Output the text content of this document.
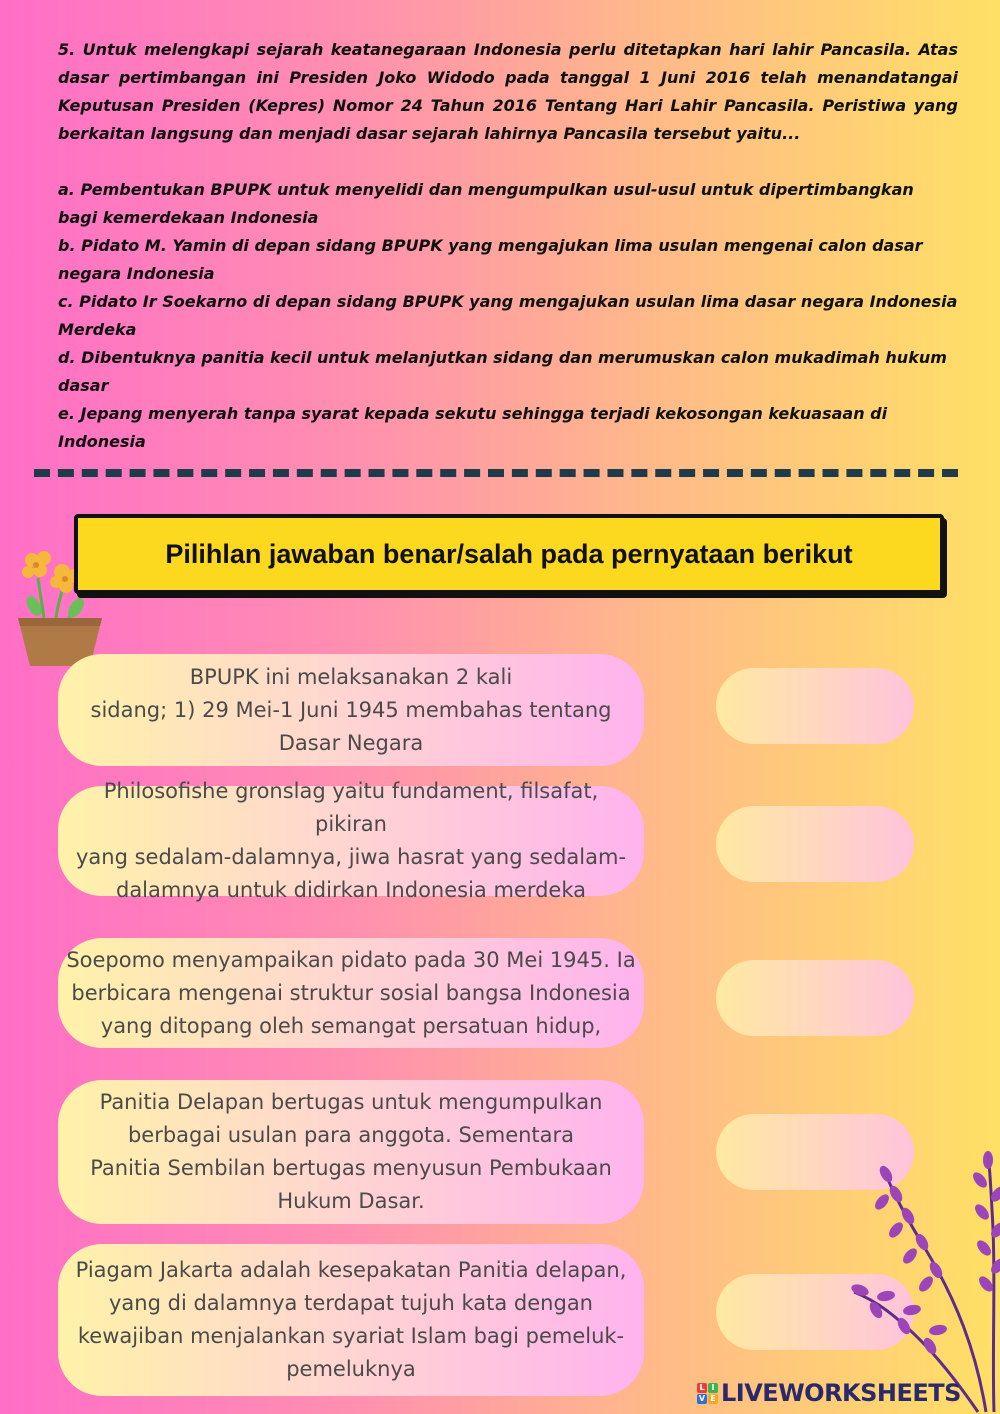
5. Untuk melengkapi sejarah keatanegaraan Indonesia perlu ditetapkan hari lahir Pancasila. Atas dasar pertimbangan ini Presiden Joko Widodo pada tanggal 1 Juni 2016 telah menandatangai Keputusan Presiden (Kepres) Nomor 24 Tahun 2016 Tentang Hari Lahir Pancasila. Peristiwa yang berkaitan langsung dan menjadi dasar sejarah lahirnya Pancasila tersebut yaitu...

a. Pembentukan BPUPK untuk menyelidi dan mengumpulkan usul-usul untuk dipertimbangkan bagi kemerdekaan Indonesia

b. Pidato M. Yamin di depan sidang BPUPK yang mengajukan lima usulan mengenai calon dasar negara Indonesia

c. Pidato Ir Soekarno di depan sidang BPUPK yang mengajukan usulan lima dasar negara Indonesia Merdeka

d. Dibentuknya panitia kecil untuk melanjutkan sidang dan merumuskan calon mukadimah hukum dasar

e. Jepang menyerah tanpa syarat kepada sekutu sehingga terjadi kekosongan kekuasaan di Indonesia

Pilihlan jawaban benar/salah pada pernyataan berikut
BPUPK ini melaksanakan 2 kali
sidang; 1) 29 Mei-1 Juni 1945 membahas tentang
Dasar Negara
Philosofishe gronslag yaitu fundament, filsafat, pikiran
yang sedalam-dalamnya, jiwa hasrat yang sedalam-
dalamnya untuk didirkan Indonesia merdeka
Soepomo menyampaikan pidato pada 30 Mei 1945. Ia
berbicara mengenai struktur sosial bangsa Indonesia
yang ditopang oleh semangat persatuan hidup,
Panitia Delapan bertugas untuk mengumpulkan
berbagai usulan para anggota. Sementara
Panitia Sembilan bertugas menyusun Pembukaan
Hukum Dasar.
Piagam Jakarta adalah kesepakatan Panitia delapan,
yang di dalamnya terdapat tujuh kata dengan
kewajiban menjalankan syariat Islam bagi pemeluk-
pemeluknya
L I
V E LIVEWORKSHEETS
